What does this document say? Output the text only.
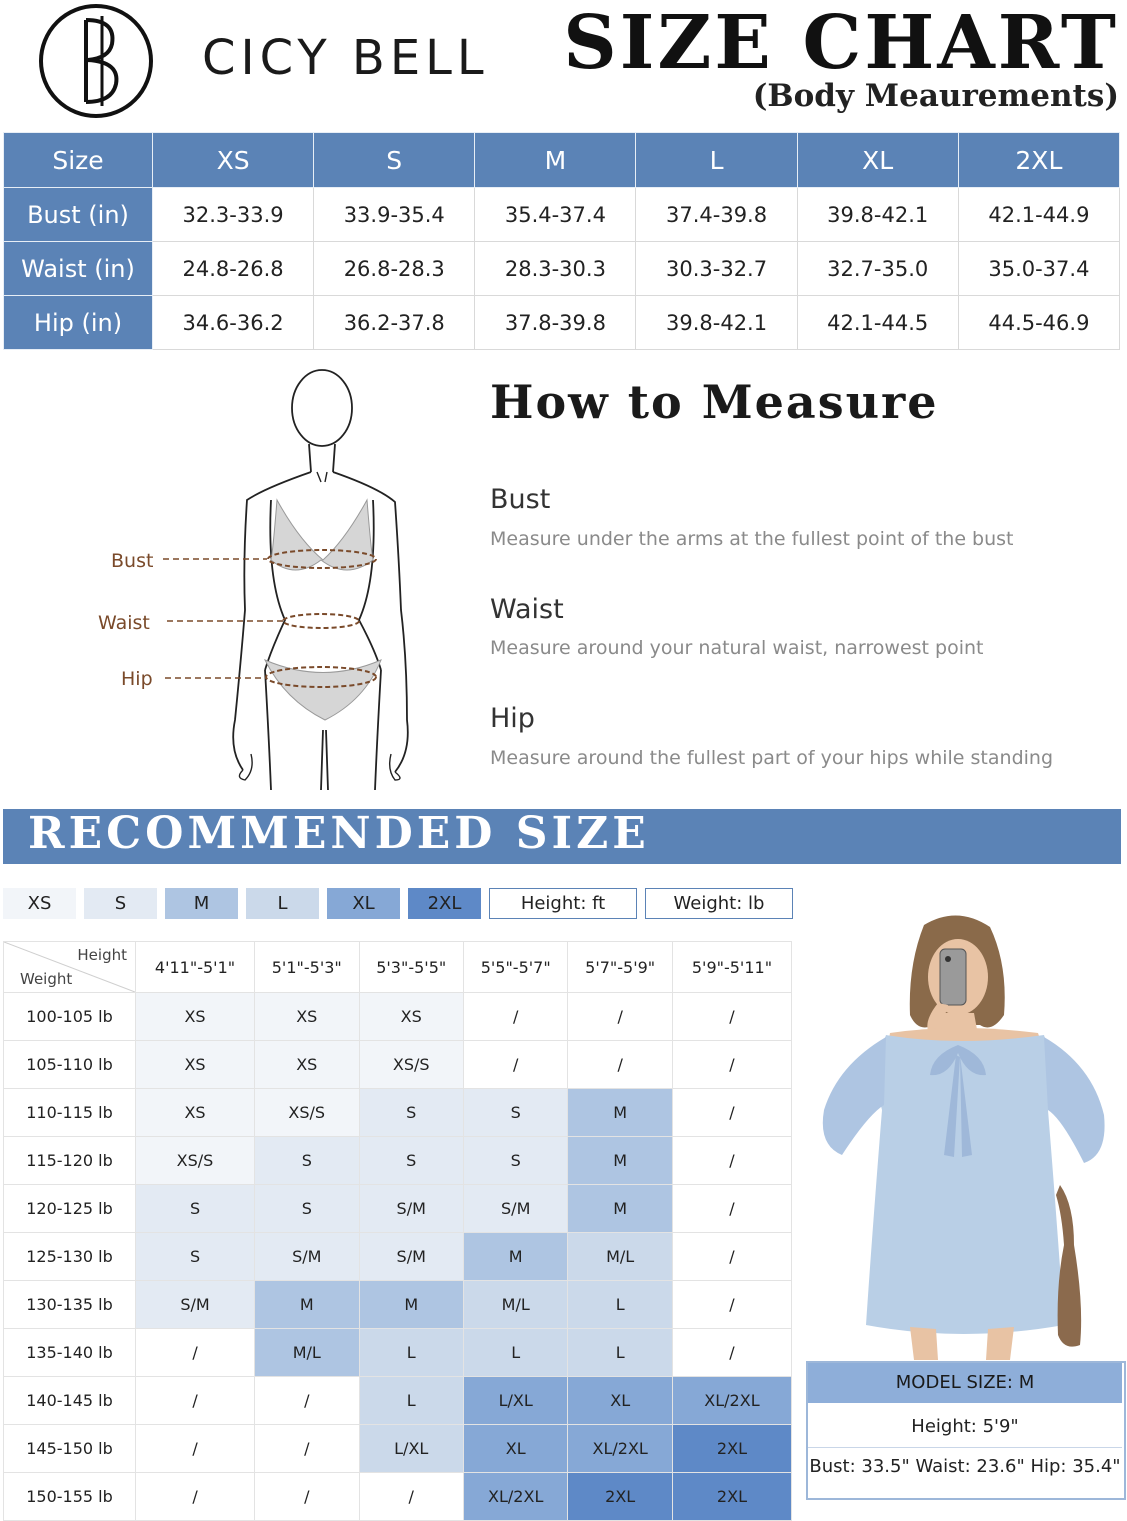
CICY BELL SIZE CHART
(Body Meaurements)
Size	XS	S	M	L	XL	2XL
Bust (in)	32.3-33.9	33.9-35.4	35.4-37.4	37.4-39.8	39.8-42.1	42.1-44.9
Waist (in)	24.8-26.8	26.8-28.3	28.3-30.3	30.3-32.7	32.7-35.0	35.0-37.4
Hip (in)	34.6-36.2	36.2-37.8	37.8-39.8	39.8-42.1	42.1-44.5	44.5-46.9
Bust
Waist
Hip
How to Measure
Bust
Measure under the arms at the fullest point of the bust
Waist
Measure around your natural waist, narrowest point
Hip
Measure around the fullest part of your hips while standing
RECOMMENDED SIZE
XS	S	M	L	XL	2XL	Height: ft	Weight: lb
Height
Weight	4'11"-5'1"	5'1"-5'3"	5'3"-5'5"	5'5"-5'7"	5'7"-5'9"	5'9"-5'11"
100-105 lb	XS	XS	XS	/	/	/
105-110 lb	XS	XS	XS/S	/	/	/
110-115 lb	XS	XS/S	S	S	M	/
115-120 lb	XS/S	S	S	S	M	/
120-125 lb	S	S	S/M	S/M	M	/
125-130 lb	S	S/M	S/M	M	M/L	/
130-135 lb	S/M	M	M	M/L	L	/
135-140 lb	/	M/L	L	L	L	/
140-145 lb	/	/	L	L/XL	XL	XL/2XL
145-150 lb	/	/	L/XL	XL	XL/2XL	2XL
150-155 lb	/	/	/	XL/2XL	2XL	2XL
MODEL SIZE: M
Height: 5'9"
Bust: 33.5" Waist: 23.6" Hip: 35.4"
